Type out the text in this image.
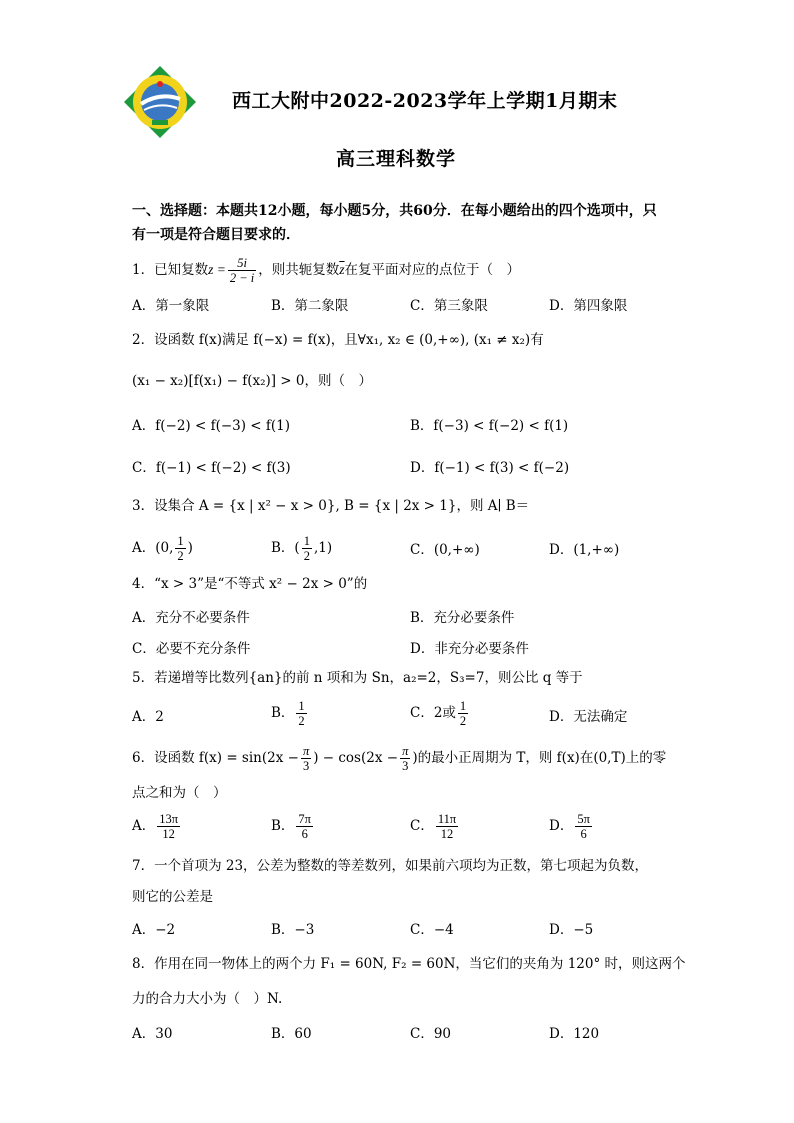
西工大附中2022-2023学年上学期1月期末
高三理科数学
一、选择题：本题共12小题，每小题5分，共60分．在每小题给出的四个选项中，只
有一项是符合题目要求的．
1．已知复数$z = \frac{5i}{2 - i}$ ，则共轭复数$\overline{z}$在复平面对应的点位于（　）
A．第一象限	B．第二象限	C．第三象限	D．第四象限
2．设函数 f(x)满足 f(−x) = f(x)，且∀x₁, x₂ ∈ (0,+∞), (x₁ ≠ x₂)有
(x₁ − x₂)[f(x₁) − f(x₂)] > 0，则（　）
A．f(−2) < f(−3) < f(1)	B．f(−3) < f(−2) < f(1)
C．f(−1) < f(−2) < f(3)	D．f(−1) < f(3) < f(−2)
3．设集合 A = {x | x² − x > 0}, B = {x | 2x > 1}，则 A∣ B＝
A．(0, $\frac{1}{2}$ )	B．( $\frac{1}{2} ,1$)	C．(0,+∞)	D．(1,+∞)
4．“x > 3”是“不等式 x² − 2x > 0”的
A．充分不必要条件	B．充分必要条件
C．必要不充分条件	D．非充分必要条件
5．若递增等比数列{an}的前 n 项和为 Sn，a₂=2，S₃=7，则公比 q 等于
A．2	B． $\frac{1}{2}$	C．2或 $\frac{1}{2}$	D．无法确定
6．设函数 $f(x) = \sin(2x - \frac{\pi}{3}$ ) − $\cos(2x - \frac{\pi}{3}$ )的最小正周期为 T，则 f(x)在(0,T)上的零
点之和为（　）
A． $\frac{13\pi}{12}$	B． $\frac{7\pi}{6}$	C． $\frac{11\pi}{12}$	D． $\frac{5\pi}{6}$
7．一个首项为 23，公差为整数的等差数列，如果前六项均为正数，第七项起为负数，
则它的公差是
A．−2	B．−3	C．−4	D．−5
8．作用在同一物体上的两个力 F₁ = 60N, F₂ = 60N，当它们的夹角为 120° 时，则这两个
力的合力大小为（　）N.
A．30	B．60	C．90	D．120
